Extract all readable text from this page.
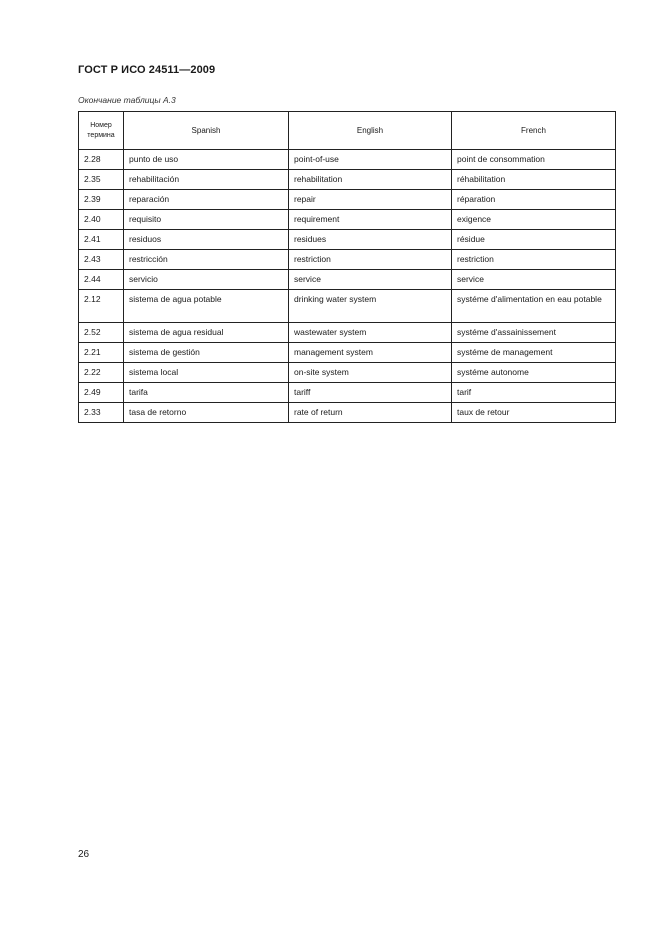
ГОСТ Р ИСО 24511—2009
Окончание таблицы А.3
Номер термина	Spanish	English	French
2.28	punto de uso	point-of-use	point de consommation
2.35	rehabilitación	rehabilitation	réhabilitation
2.39	reparación	repair	réparation
2.40	requisito	requirement	exigence
2.41	residuos	residues	résidue
2.43	restricción	restriction	restriction
2.44	servicio	service	service
2.12	sistema de agua potable	drinking water system	systéme d'alimentation en eau potable
2.52	sistema de agua residual	wastewater system	systéme d'assainissement
2.21	sistema de gestión	management system	systéme de management
2.22	sistema local	on-site system	systéme autonome
2.49	tarifa	tariff	tarif
2.33	tasa de retorno	rate of return	taux de retour
26
